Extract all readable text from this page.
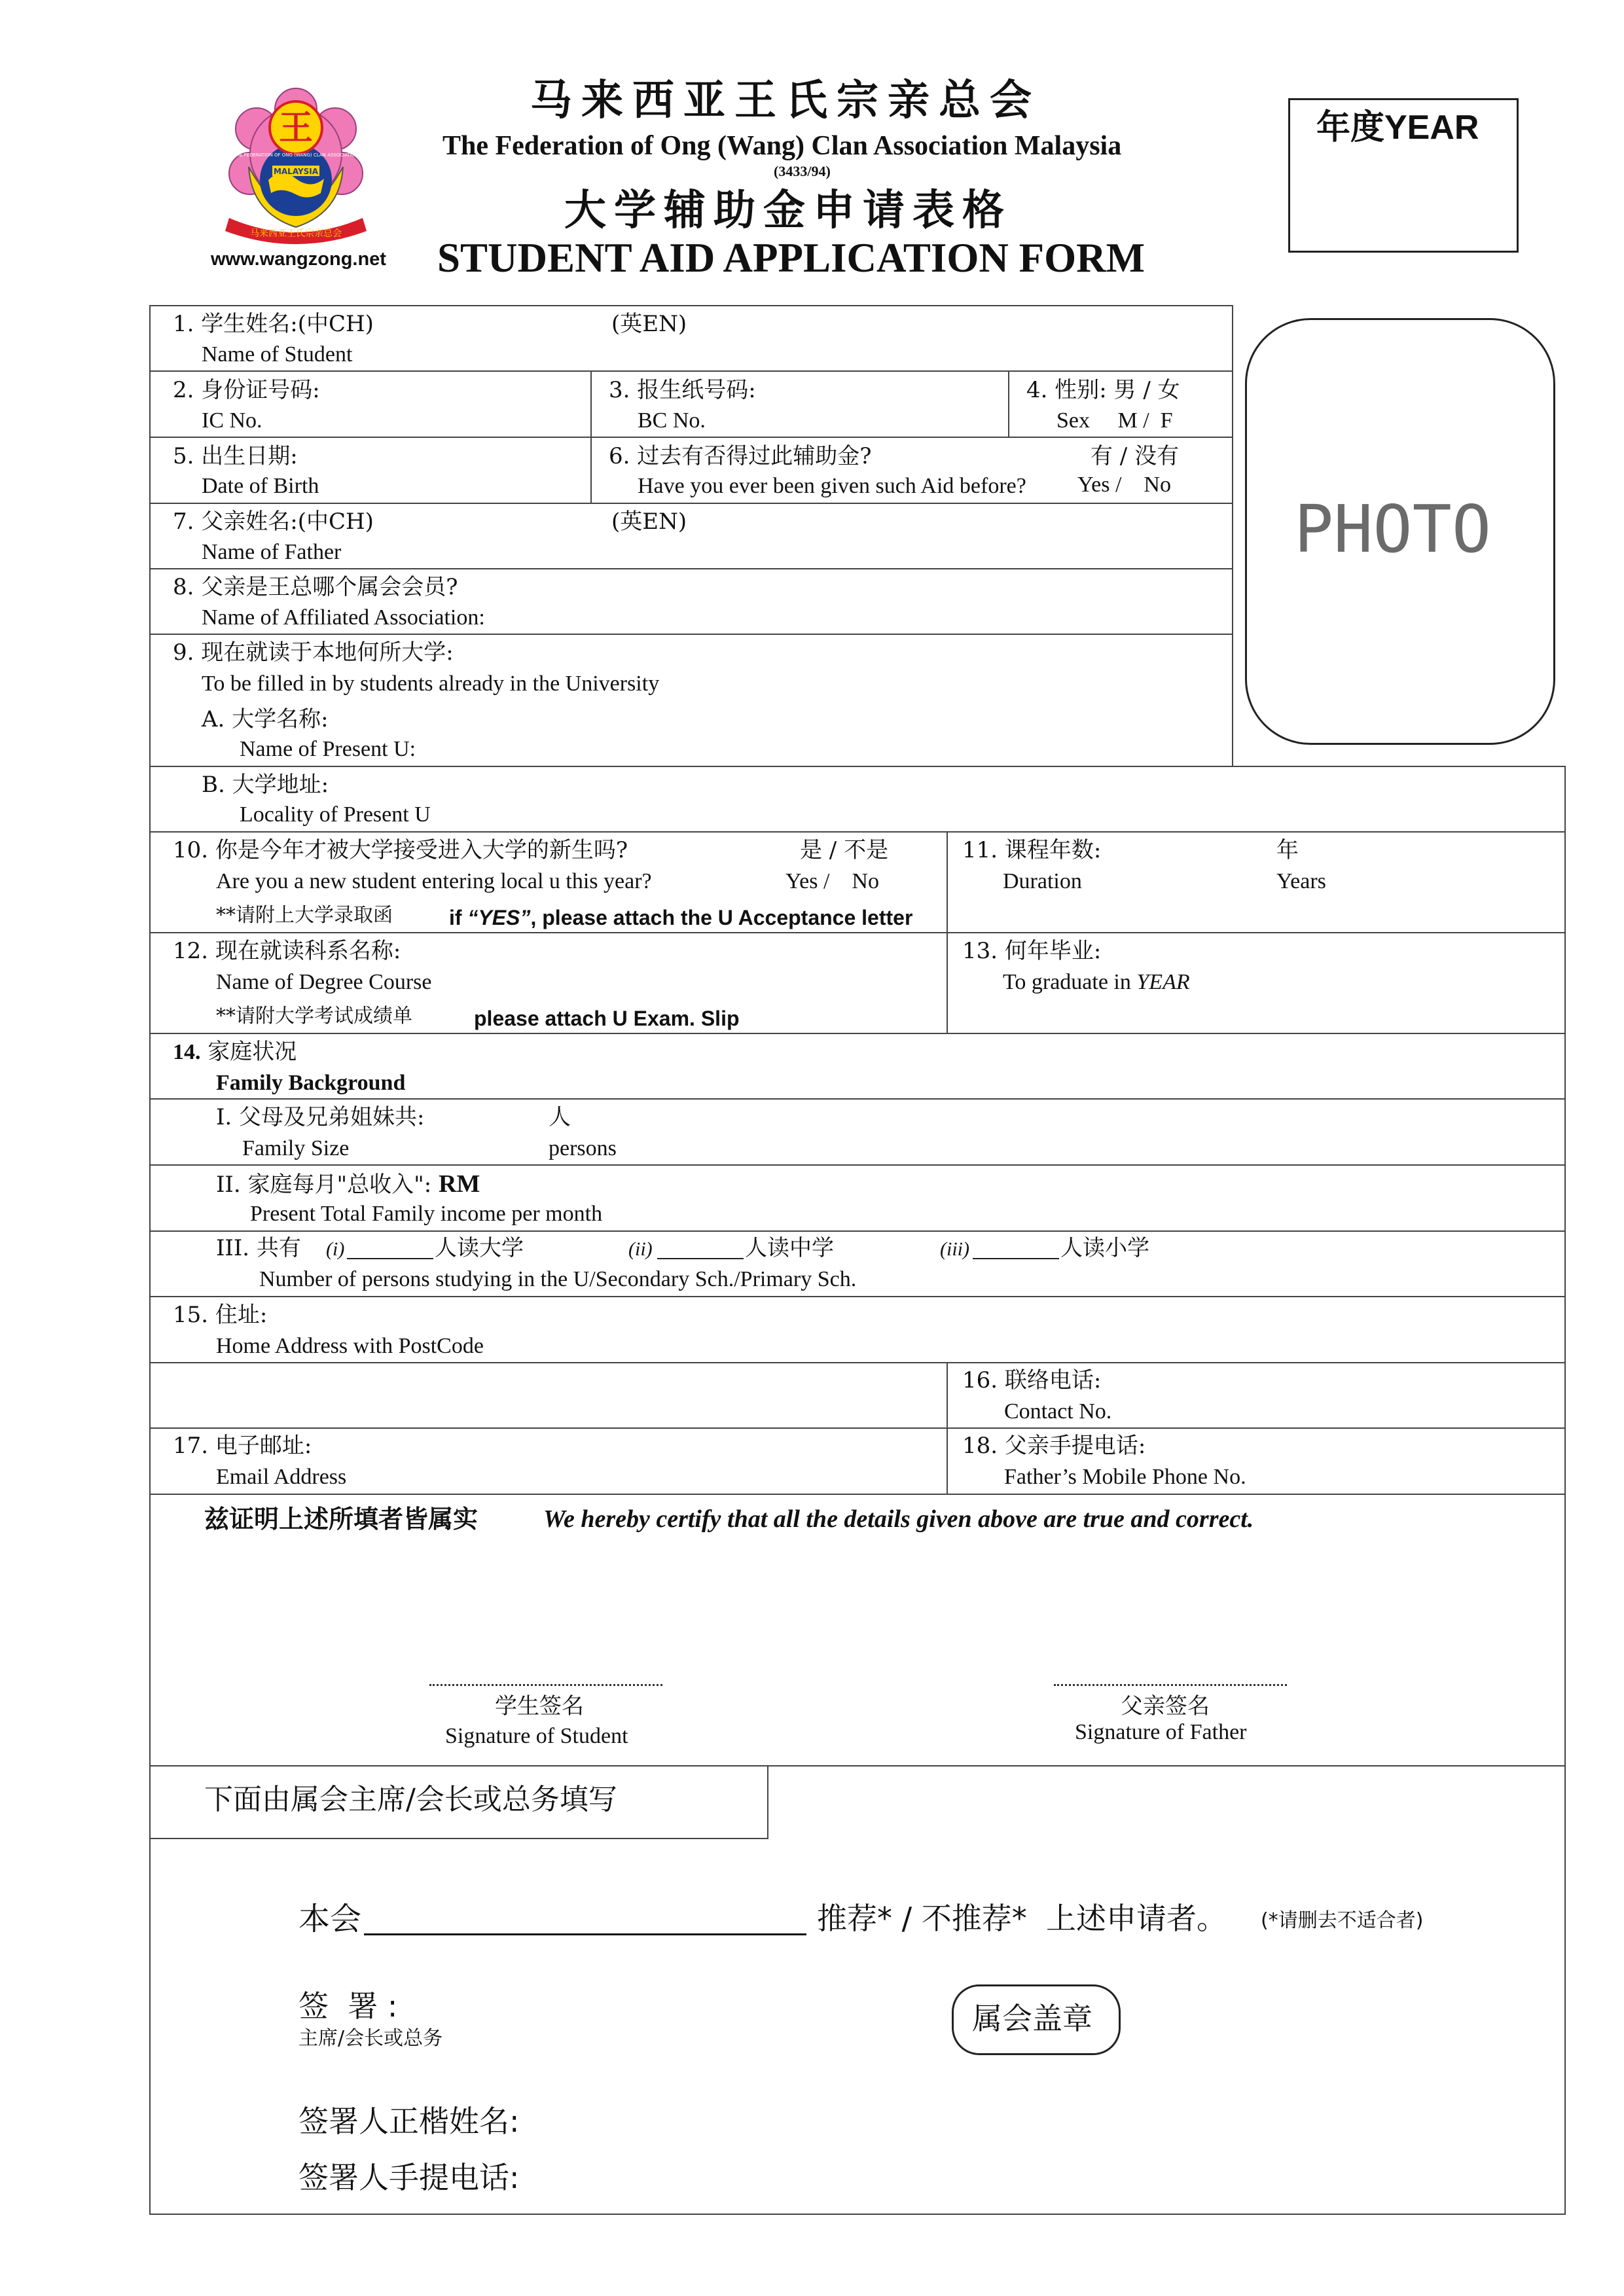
王
MALAYSIA
马来西亚王氏宗亲总会
THE FEDERATION OF ONG (WANG) CLAN ASSOCIATION
www.wangzong.net
马来西亚王氏宗亲总会
The Federation of Ong (Wang) Clan Association Malaysia
(3433/94)
大学辅助金申请表格
STUDENT AID APPLICATION FORM
年度YEAR
PHOTO
1. 学生姓名:(中CH)	(英EN)
Name of Student
2. 身份证号码:
IC No.
3. 报生纸号码:
BC No.
4. 性别: 男 / 女
Sex     M /  F
5. 出生日期:
Date of Birth
6. 过去有否得过此辅助金?	有 / 没有
Have you ever been given such Aid before? Yes /    No
7. 父亲姓名:(中CH)	(英EN)
Name of Father
8. 父亲是王总哪个属会会员?
Name of Affiliated Association:
9. 现在就读于本地何所大学:
To be filled in by students already in the University
A. 大学名称:
Name of Present U:
B. 大学地址:
Locality of Present U
10. 你是今年才被大学接受进入大学的新生吗?	是 / 不是
Are you a new student entering local u this year?	Yes /    No
**请附上大学录取函	if “YES”, please attach the U Acceptance letter
11. 课程年数:	年
Duration	Years
12. 现在就读科系名称:
Name of Degree Course
**请附大学考试成绩单	please attach U Exam. Slip
13. 何年毕业:
To graduate in YEAR
14. 家庭状况
Family Background
I. 父母及兄弟姐妹共:	人
Family Size	persons
II. 家庭每月"总收入": RM
Present Total Family income per month
III. 共有 (i)	人读大学	(ii)	人读中学	(iii)	人读小学
Number of persons studying in the U/Secondary Sch./Primary Sch.
15. 住址:
Home Address with PostCode
16. 联络电话:
Contact No.
17. 电子邮址:
Email Address
18. 父亲手提电话:
Father’s Mobile Phone No.
兹证明上述所填者皆属实	We hereby certify that all the details given above are true and correct.
学生签名
Signature of Student
父亲签名
Signature of Father
下面由属会主席/会长或总务填写
本会	推荐* / 不推荐*  上述申请者。 (*请删去不适合者)
签  署 :
主席/会长或总务
属会盖章
签署人正楷姓名:
签署人手提电话:
